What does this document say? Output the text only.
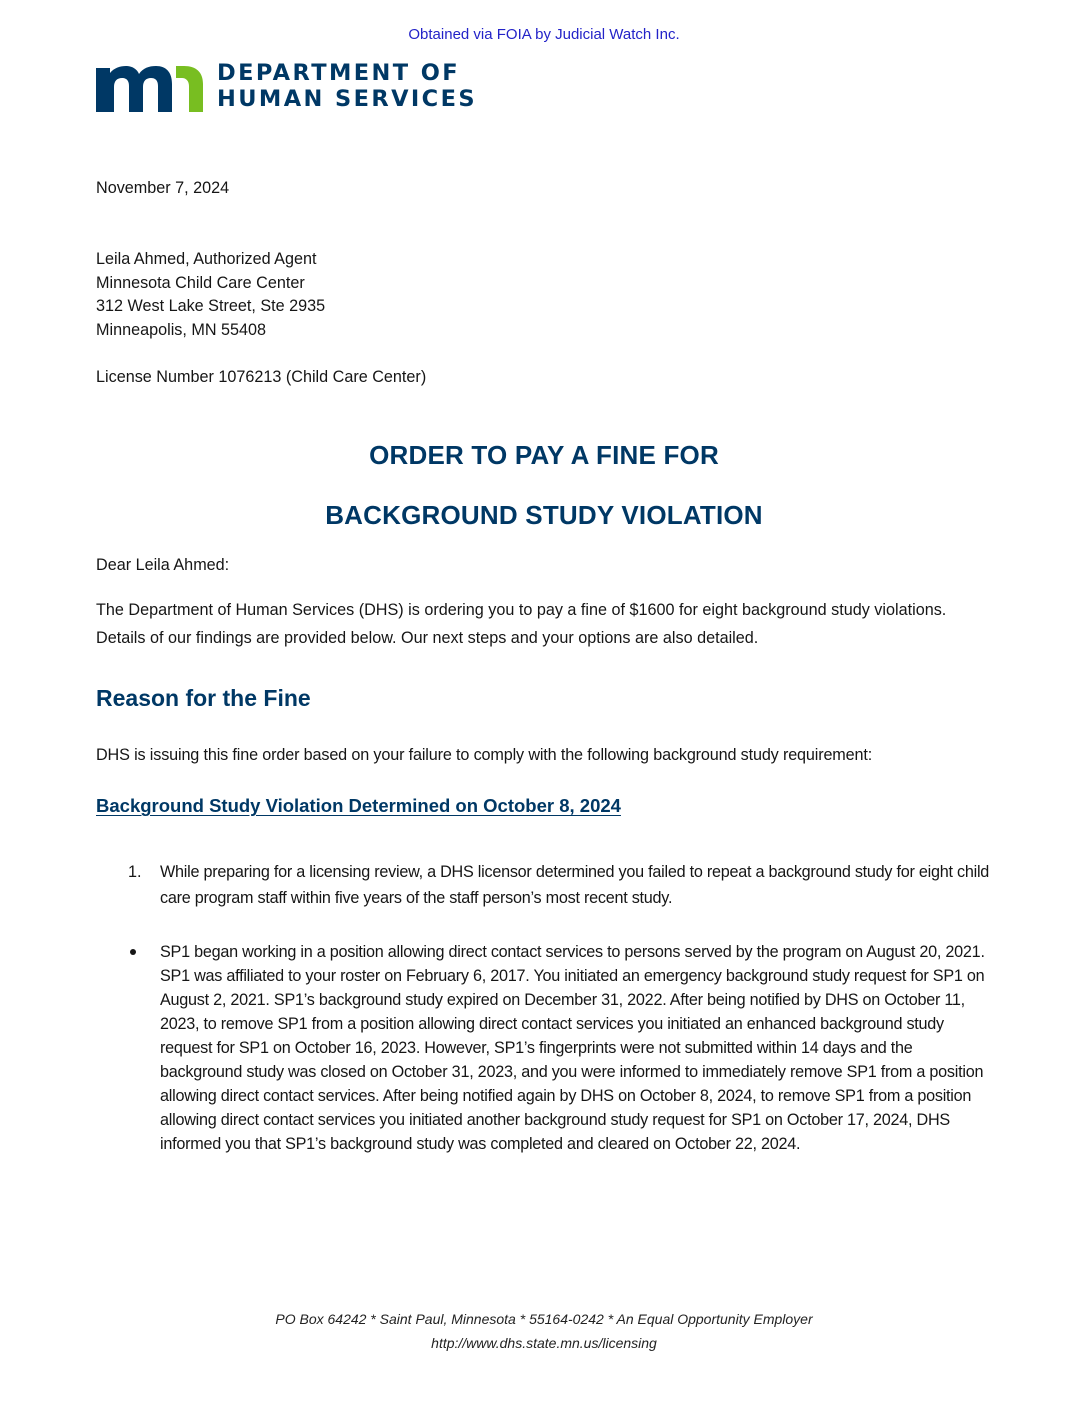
Obtained via FOIA by Judicial Watch Inc.
DEPARTMENT OF
HUMAN SERVICES
November 7, 2024
Leila Ahmed, Authorized Agent
Minnesota Child Care Center
312 West Lake Street, Ste 2935
Minneapolis, MN 55408
License Number 1076213 (Child Care Center)
ORDER TO PAY A FINE FOR
BACKGROUND STUDY VIOLATION
Dear Leila Ahmed:
The Department of Human Services (DHS) is ordering you to pay a fine of $1600 for eight background study violations. Details of our findings are provided below. Our next steps and your options are also detailed.
Reason for the Fine
DHS is issuing this fine order based on your failure to comply with the following background study requirement:
Background Study Violation Determined on October 8, 2024
1. While preparing for a licensing review, a DHS licensor determined you failed to repeat a background study for eight child care program staff within five years of the staff person’s most recent study.
SP1 began working in a position allowing direct contact services to persons served by the program on August 20, 2021. SP1 was affiliated to your roster on February 6, 2017. You initiated an emergency background study request for SP1 on August 2, 2021. SP1’s background study expired on December 31, 2022. After being notified by DHS on October 11, 2023, to remove SP1 from a position allowing direct contact services you initiated an enhanced background study request for SP1 on October 16, 2023. However, SP1’s fingerprints were not submitted within 14 days and the background study was closed on October 31, 2023, and you were informed to immediately remove SP1 from a position allowing direct contact services. After being notified again by DHS on October 8, 2024, to remove SP1 from a position allowing direct contact services you initiated another background study request for SP1 on October 17, 2024, DHS informed you that SP1’s background study was completed and cleared on October 22, 2024.
PO Box 64242 * Saint Paul, Minnesota * 55164-0242 * An Equal Opportunity Employer
http://www.dhs.state.mn.us/licensing
